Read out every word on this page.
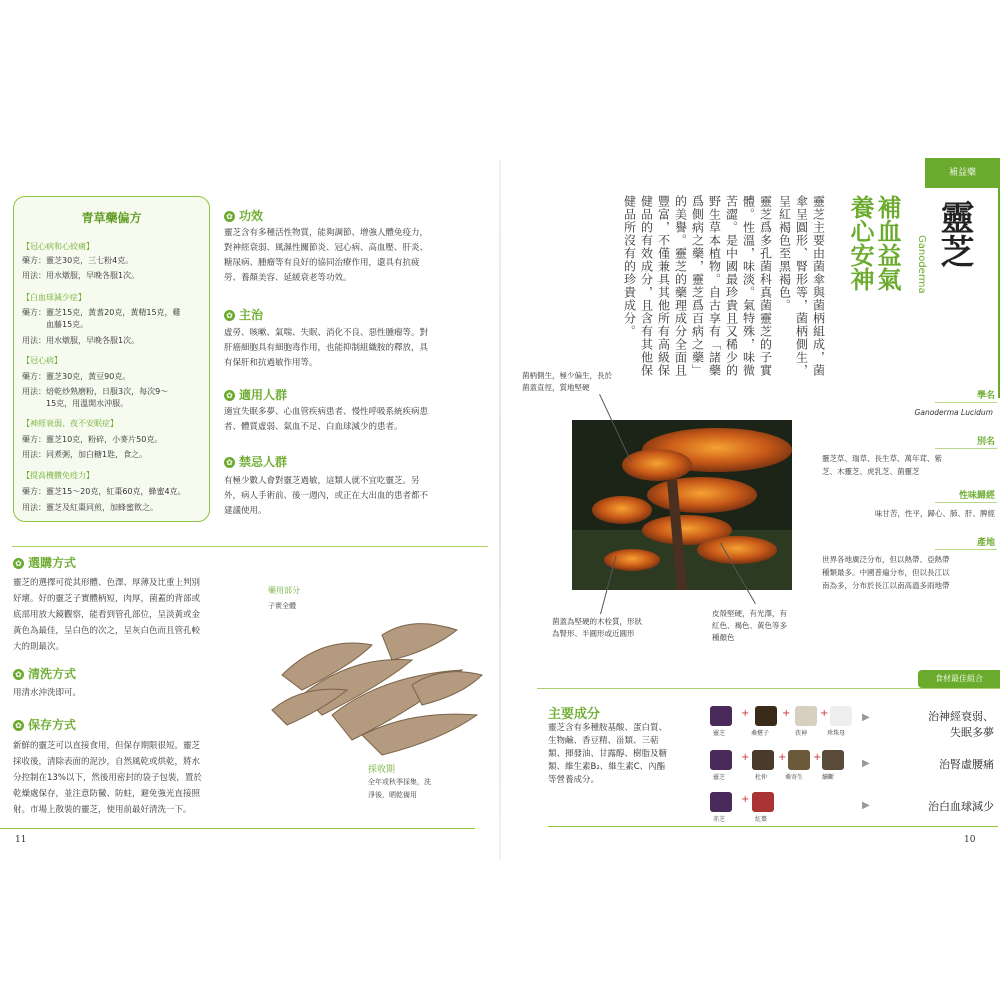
青草藥偏方
【冠心病和心絞痛】
藥方：靈芝30克，三七粉4克。
用法：用水燉服，早晚各服1次。
【白血球減少症】
藥方：靈芝15克，黃耆20克，黃精15克，雞
　　　血藤15克。
用法：用水燉服，早晚各服1次。
【冠心病】
藥方：靈芝30克，黃豆90克。
用法：焙乾炒熟磨粉，日服3次，每次9～
　　　15克，用溫開水沖服。
【神經衰弱、夜不安眠症】
藥方：靈芝10克，粉碎，小麥片50克。
用法：同煮粥，加白糖1匙，食之。
【提高機體免疫力】
藥方：靈芝15～20克，紅棗60克，蜂蜜4克。
用法：靈芝及紅棗同煎，加蜂蜜飲之。
✿ 功效
靈芝含有多種活性物質，能夠調節、增強人體免疫力，
對神經衰弱、風濕性關節炎、冠心病、高血壓、肝炎、
糖尿病、腫瘤等有良好的協同治療作用，還具有抗疲
勞、養顏美容、延緩衰老等功效。
✿ 主治
虛勞、咳嗽、氣喘、失眠、消化不良、惡性腫瘤等。對
肝癌細胞具有細胞毒作用，也能抑制組織胺的釋放，具
有保肝和抗過敏作用等。
✿ 適用人群
適宜失眠多夢、心血管疾病患者、慢性呼吸系統疾病患
者、體質虛弱、氣血不足、白血球減少的患者。
✿ 禁忌人群
有極少數人會對靈芝過敏，這類人就不宜吃靈芝。另
外，病人手術前、後一週內，或正在大出血的患者都不
建議使用。
✿ 選購方式
靈芝的選擇可從其形體、色澤、厚薄及比重上判別
好壞。好的靈芝子實體柄短，肉厚，菌蓋的背部或
底部用放大鏡觀察，能看到管孔部位，呈淡黃或金
黃色為最佳，呈白色的次之，呈灰白色而且管孔較
大的則最次。
✿ 清洗方式
用清水沖洗即可。
✿ 保存方式
新鮮的靈芝可以直接食用，但保存期限很短。靈芝
採收後，清除表面的泥沙，自然風乾或烘乾，將水
分控制在13%以下，然後用密封的袋子包裝，置於
乾燥處保存，並注意防黴、防蛀，避免強光直接照
射。市場上散裝的靈芝，使用前最好清洗一下。
藥用部分
子實全體
採收期
全年或秋季採集，洗
淨後，晒乾備用
11
補益藥
靈芝
Ganoderma
補血益氣
養心安神
靈芝主要由菌傘與菌柄組成，菌
傘呈圓形、腎形等，菌柄側生，
呈紅褐色至黑褐色。
靈芝爲多孔菌科真菌靈芝的子實
體。性溫，味淡。氣特殊，味微
苦澀。是中國最珍貴且又稀少的
野生草本植物。自古享有「諸藥
爲側病之藥，靈芝爲百病之藥」
的美譽。靈芝的藥理成分全面且
豐富，不僅兼具其他所有高級保
健品的有效成分，且含有其他保
健品所沒有的珍貴成分。
學名
Ganoderma Lucidum
別名
靈芝草、瑞草、長生草、萬年茸、紫
芝、木靈芝、虎乳芝、菌靈芝
性味歸經
味甘苦，性平，歸心、肺、肝、脾經
產地
世界各地廣泛分布，但以熱帶、亞熱帶
種類最多。中國普遍分布，但以長江以
南為多，分布於長江以南高溫多雨地帶
菌柄側生，極少偏生，長於
菌蓋直徑，質地堅硬
菌蓋為堅硬的木栓質，形狀
為腎形、半圓形或近圓形
皮殼堅硬，有光澤，有
紅色、褐色、黃色等多
種顏色
食材最佳組合
主要成分
靈芝含有多種胺基酸、蛋白質、
生物鹼、香豆精、甾類、三萜
類、揮發油、甘露醇、樹脂及糖
類、維生素B₂、維生素C、內酯
等營養成分。
+	+	+
靈芝	桑椹子	茯神	珍珠母
▶	治神經衰弱、
失眠多夢
+	+	+
靈芝	杜仲	桑寄生	續斷
▶	治腎虛腰痛
+
赤芝	紅棗
▶	治白血球減少
10
